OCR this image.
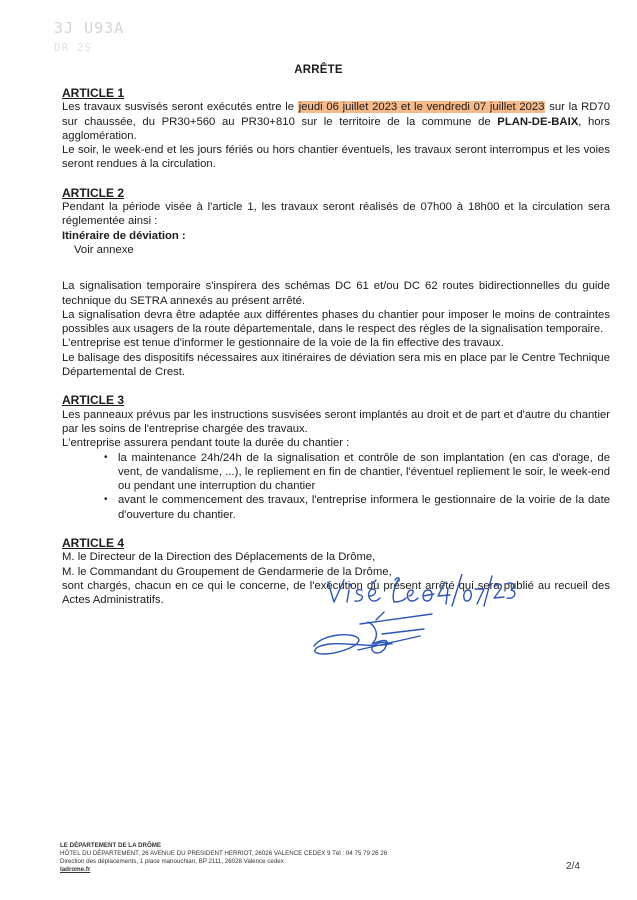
3J U93A
DR 2S
ARRÊTE
ARTICLE 1

Les travaux susvisés seront exécutés entre le jeudi 06 juillet 2023 et le vendredi 07 juillet 2023 sur la RD70 sur chaussée, du PR30+560 au PR30+810 sur le territoire de la commune de PLAN-DE-BAIX, hors agglomération.

Le soir, le week-end et les jours fériés ou hors chantier éventuels, les travaux seront interrompus et les voies seront rendues à la circulation.

ARTICLE 2

Pendant la période visée à l'article 1, les travaux seront réalisés de 07h00 à 18h00 et la circulation sera réglementée ainsi :

Itinéraire de déviation :

Voir annexe

La signalisation temporaire s'inspirera des schémas DC 61 et/ou DC 62 routes bidirectionnelles du guide technique du SETRA annexés au présent arrêté.

La signalisation devra être adaptée aux différentes phases du chantier pour imposer le moins de contraintes possibles aux usagers de la route départementale, dans le respect des règles de la signalisation temporaire.

L'entreprise est tenue d'informer le gestionnaire de la voie de la fin effective des travaux.

Le balisage des dispositifs nécessaires aux itinéraires de déviation sera mis en place par le Centre Technique Départemental de Crest.

ARTICLE 3

Les panneaux prévus par les instructions susvisées seront implantés au droit et de part et d'autre du chantier par les soins de l'entreprise chargée des travaux.

L'entreprise assurera pendant toute la durée du chantier :

• la maintenance 24h/24h de la signalisation et contrôle de son implantation (en cas d'orage, de vent, de vandalisme, ...), le repliement en fin de chantier, l'éventuel repliement le soir, le week-end ou pendant une interruption du chantier
• avant le commencement des travaux, l'entreprise informera le gestionnaire de la voirie de la date d'ouverture du chantier.
ARTICLE 4

M. le Directeur de la Direction des Déplacements de la Drôme,

M. le Commandant du Groupement de Gendarmerie de la Drôme,

sont chargés, chacun en ce qui le concerne, de l'exécution du présent arrêté qui sera publié au recueil des Actes Administratifs.

LE DÉPARTEMENT DE LA DRÔME
HÔTEL DU DÉPARTEMENT, 26 AVENUE DU PRESIDENT HERRIOT, 26026 VALENCE CEDEX 9 Tél : 04 75 79 26 26
Direction des déplacements, 1 place manouchian, BP 2111, 26028 Valence cedex
ladrome.fr	2/4
